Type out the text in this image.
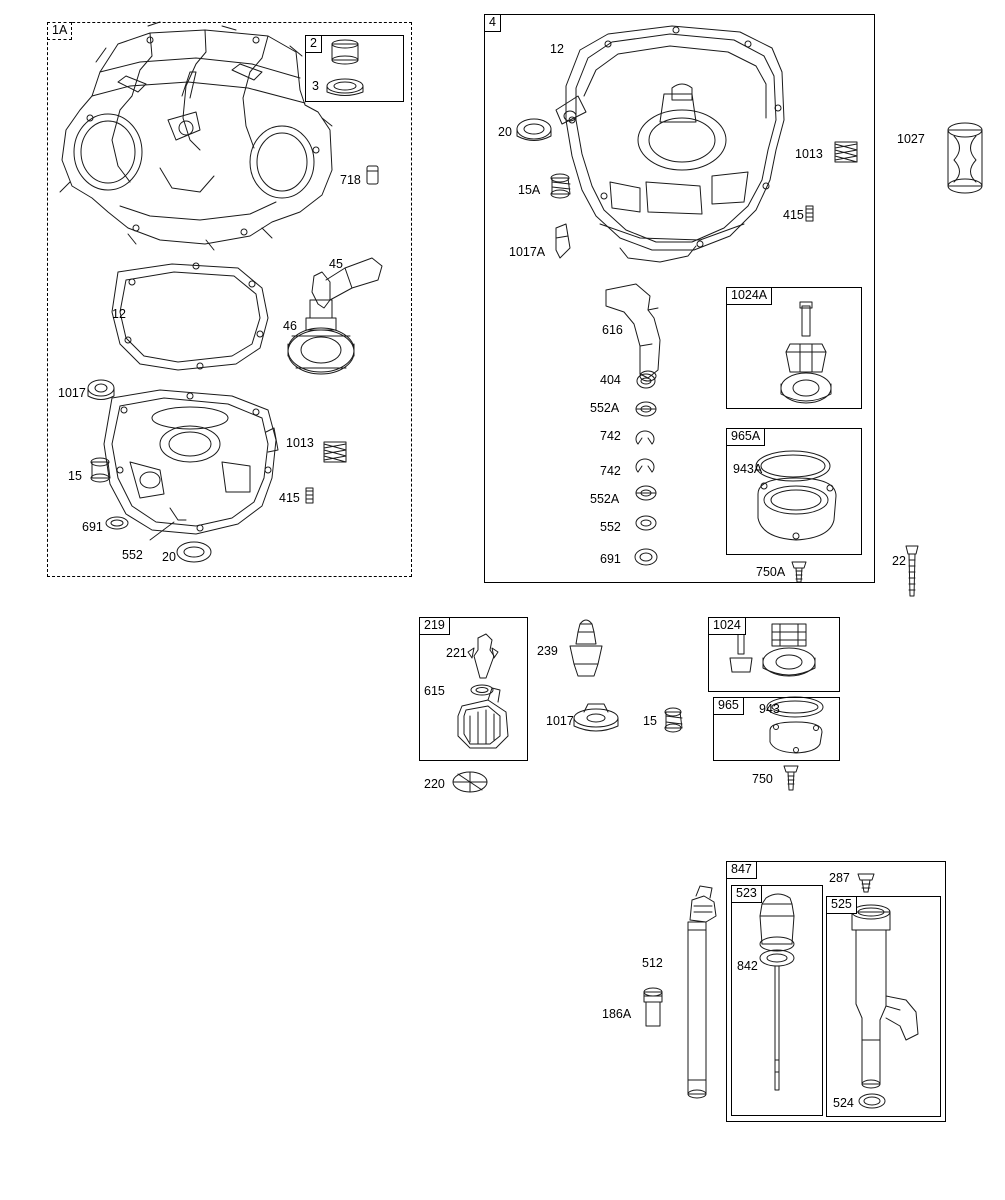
1A
2
4
1024A
965A
219	1024
965
847
523
525
718
3
12
45
46
1017
1013
15
415
691
552 20
12
20
1013
1027
15A
415
1017A
616
404
552A
742
742
552A
552
691
943A
750A
22
221
615
239
1017	15
220
943
750
287
842
512
186A
524
